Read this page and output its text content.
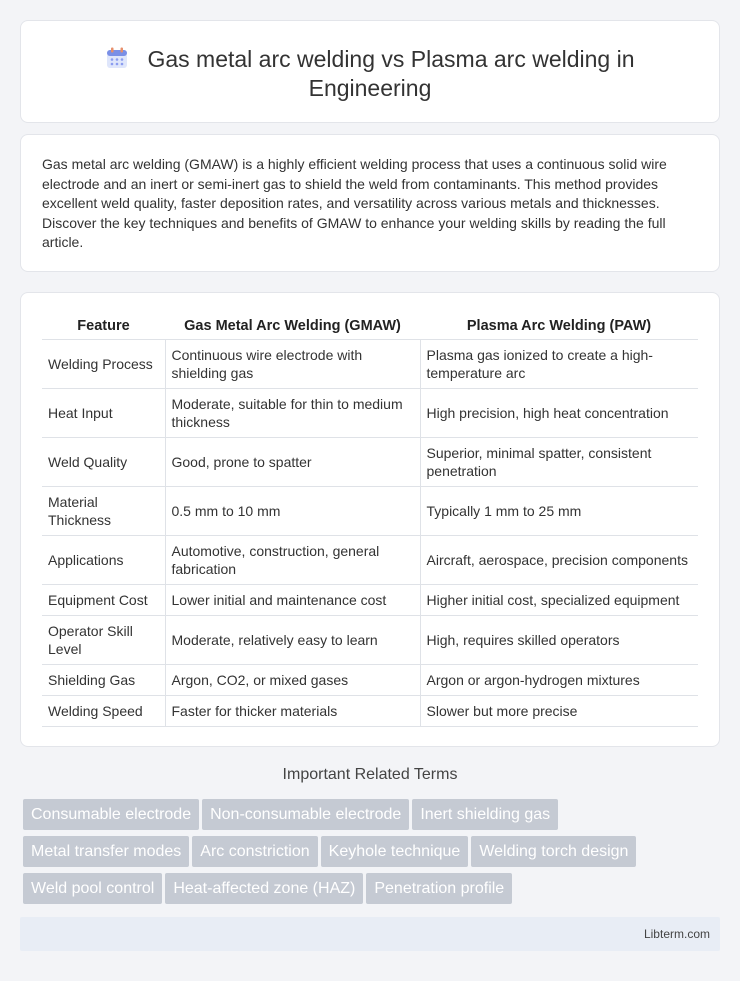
Gas metal arc welding vs Plasma arc welding in Engineering

Gas metal arc welding (GMAW) is a highly efficient welding process that uses a continuous solid wire electrode and an inert or semi-inert gas to shield the weld from contaminants. This method provides excellent weld quality, faster deposition rates, and versatility across various metals and thicknesses. Discover the key techniques and benefits of GMAW to enhance your welding skills by reading the full article.

Feature	Gas Metal Arc Welding (GMAW)	Plasma Arc Welding (PAW)
Welding Process	Continuous wire electrode with shielding gas	Plasma gas ionized to create a high-temperature arc
Heat Input	Moderate, suitable for thin to medium thickness	High precision, high heat concentration
Weld Quality	Good, prone to spatter	Superior, minimal spatter, consistent penetration
Material Thickness	0.5 mm to 10 mm	Typically 1 mm to 25 mm
Applications	Automotive, construction, general fabrication	Aircraft, aerospace, precision components
Equipment Cost	Lower initial and maintenance cost	Higher initial cost, specialized equipment
Operator Skill Level	Moderate, relatively easy to learn	High, requires skilled operators
Shielding Gas	Argon, CO2, or mixed gases	Argon or argon-hydrogen mixtures
Welding Speed	Faster for thicker materials	Slower but more precise
Important Related Terms
Consumable electrode Non-consumable electrode Inert shielding gas
Metal transfer modes Arc constriction Keyhole technique Welding torch design
Weld pool control Heat-affected zone (HAZ) Penetration profile
Libterm.com
